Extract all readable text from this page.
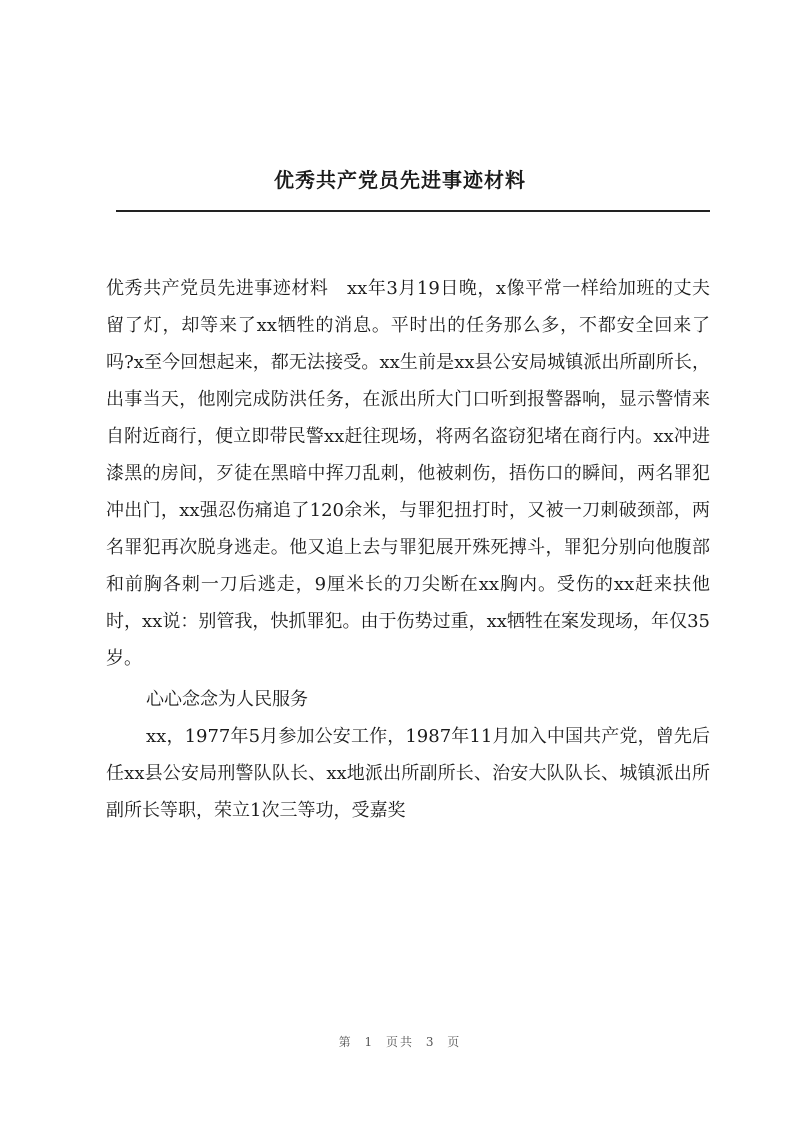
优秀共产党员先进事迹材料

优秀共产党员先进事迹材料　xx年3月19日晚，x像平常一样给加班的丈夫留了灯，却等来了xx牺牲的消息。平时出的任务那么多，不都安全回来了吗?x至今回想起来，都无法接受。xx生前是xx县公安局城镇派出所副所长，出事当天，他刚完成防洪任务，在派出所大门口听到报警器响，显示警情来自附近商行，便立即带民警xx赶往现场，将两名盗窃犯堵在商行内。xx冲进漆黑的房间，歹徒在黑暗中挥刀乱刺，他被刺伤，捂伤口的瞬间，两名罪犯冲出门，xx强忍伤痛追了120余米，与罪犯扭打时，又被一刀刺破颈部，两名罪犯再次脱身逃走。他又追上去与罪犯展开殊死搏斗，罪犯分别向他腹部和前胸各刺一刀后逃走，9厘米长的刀尖断在xx胸内。受伤的xx赶来扶他时，xx说：别管我，快抓罪犯。由于伤势过重，xx牺牲在案发现场，年仅35岁。

心心念念为人民服务

xx，1977年5月参加公安工作，1987年11月加入中国共产党，曾先后任xx县公安局刑警队队长、xx地派出所副所长、治安大队队长、城镇派出所副所长等职，荣立1次三等功，受嘉奖

第 1 页共 3 页
